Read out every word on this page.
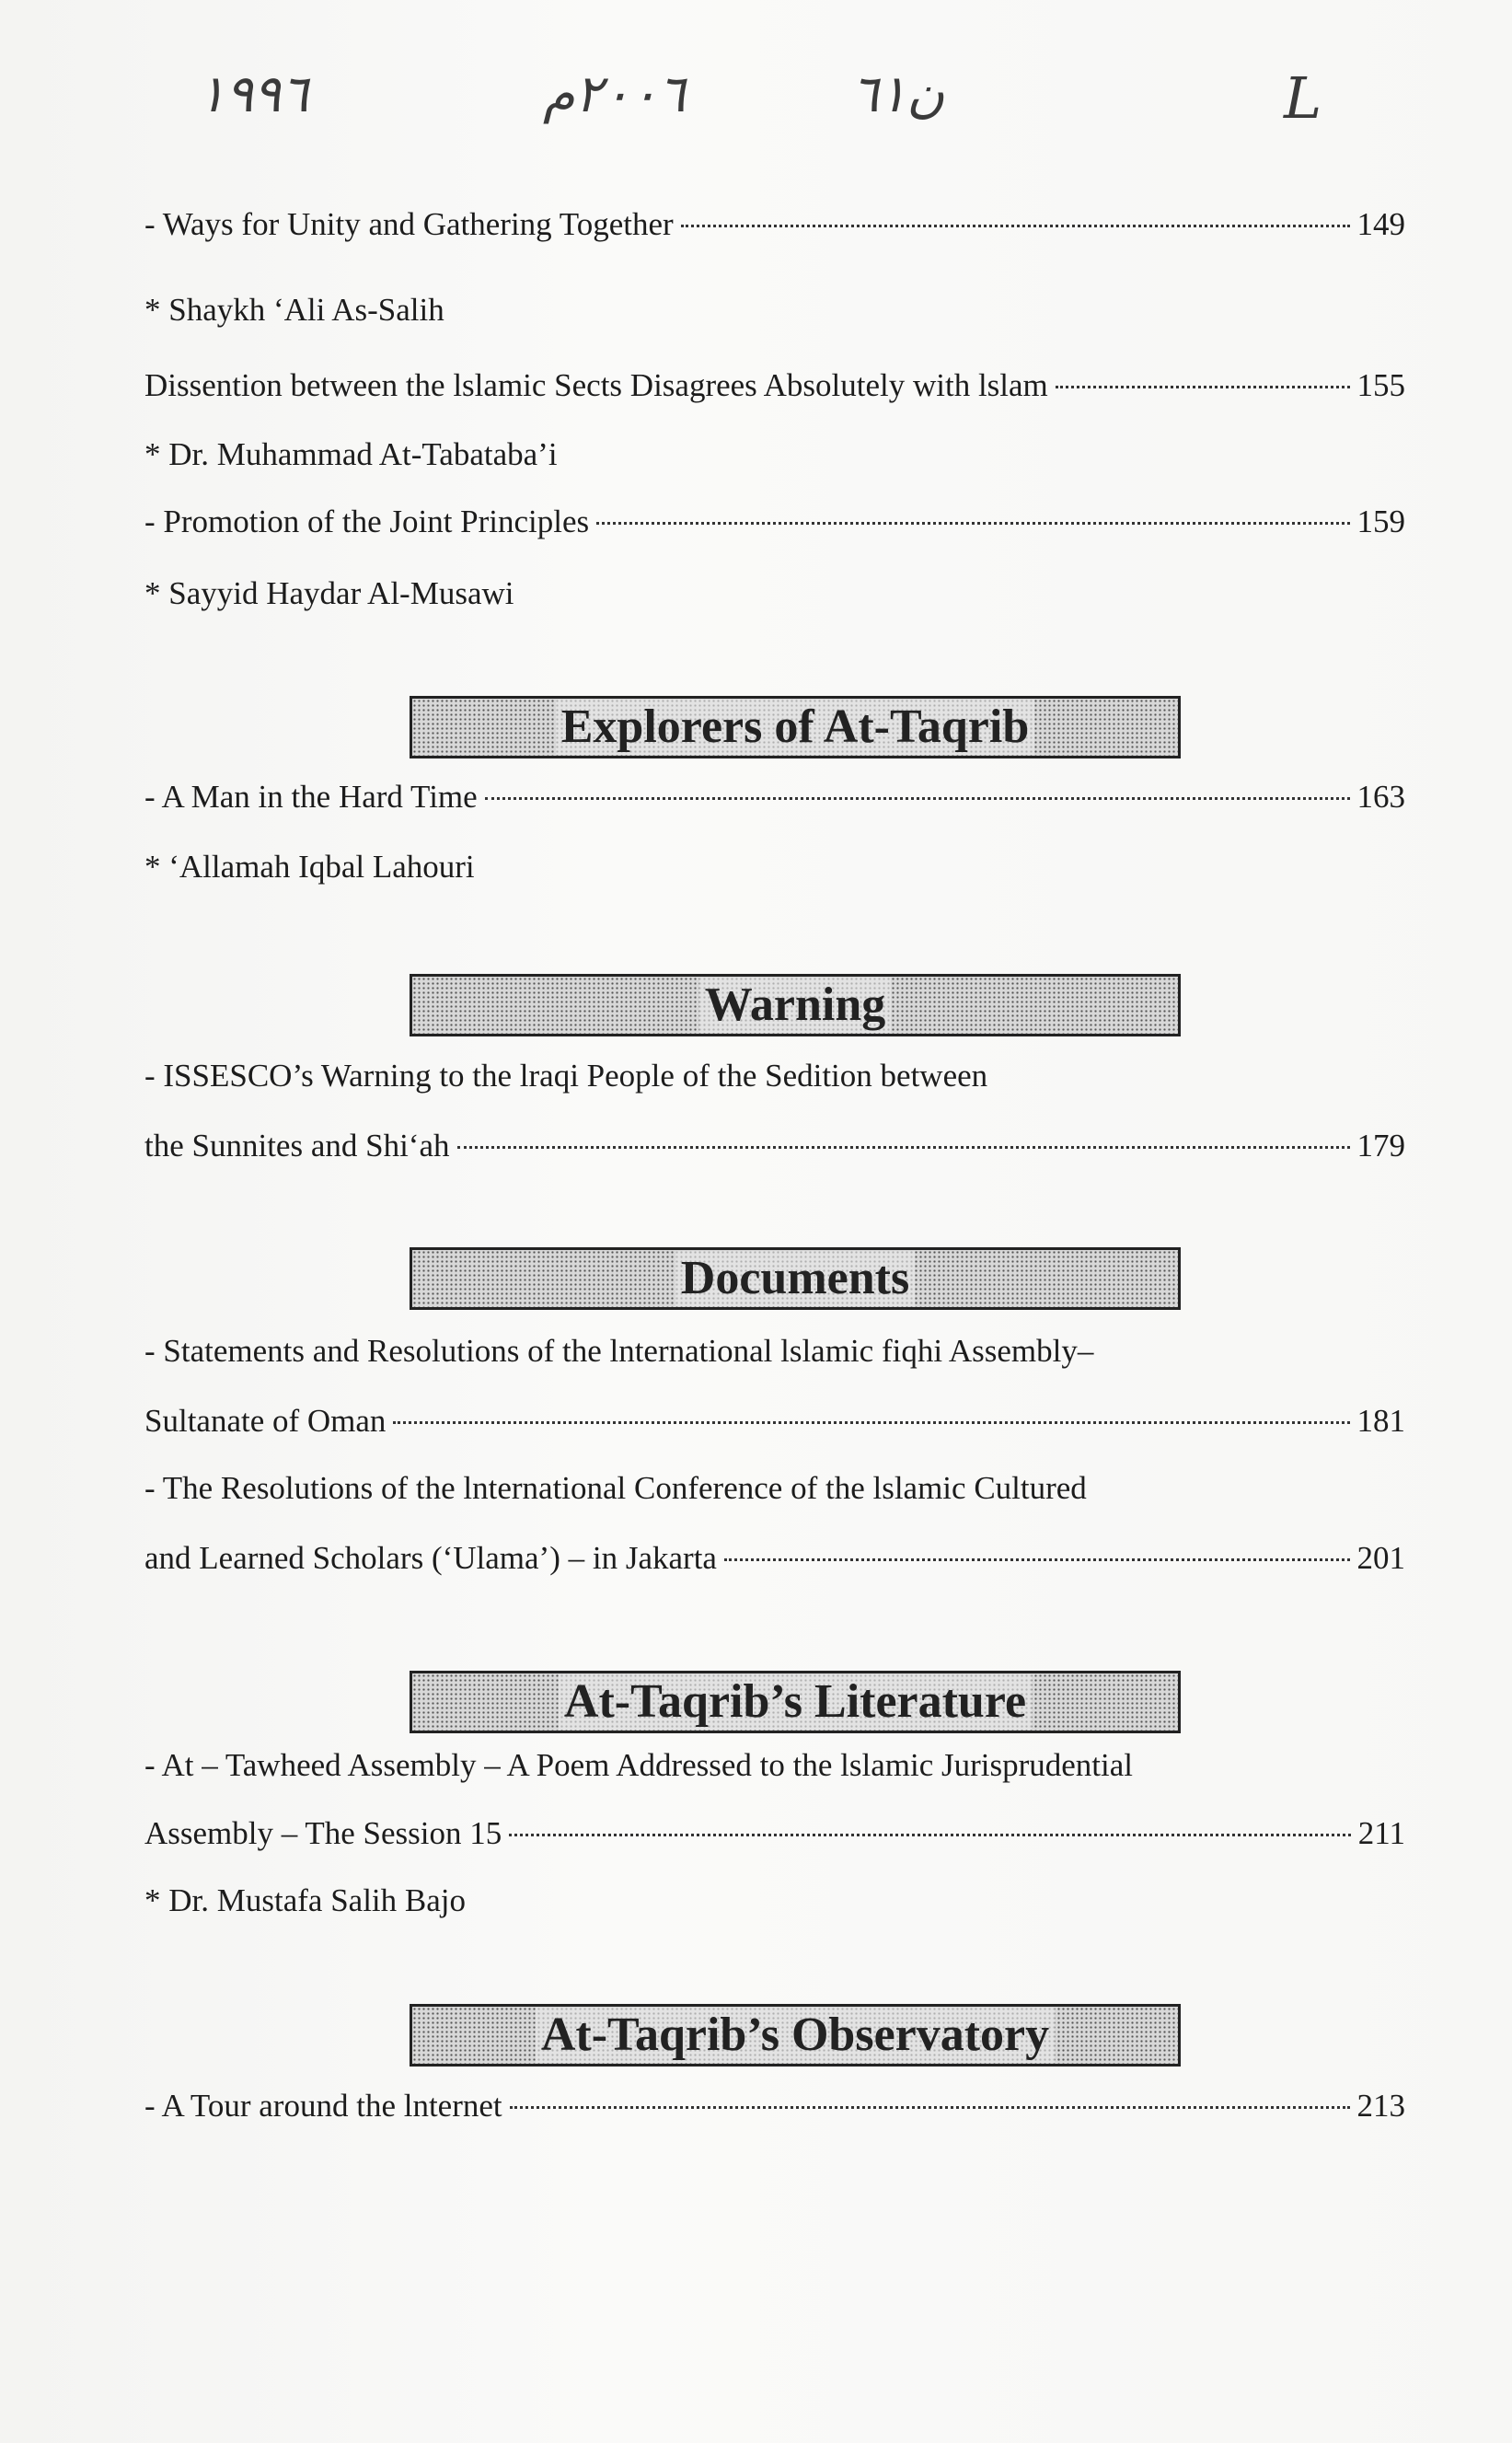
١٩٩٦	٢٠٠٦م	ن٦١	L
- Ways for Unity and Gathering Together	149
* Shaykh ‘Ali As-Salih
Dissention between the lslamic Sects Disagrees Absolutely with lslam	155
* Dr. Muhammad At-Tabataba’i
- Promotion of the Joint Principles	159
* Sayyid Haydar Al-Musawi
Explorers of At-Taqrib
- A Man in the Hard Time	163
* ‘Allamah Iqbal Lahouri
Warning
- ISSESCO’s Warning to the lraqi People of the Sedition between
the Sunnites and Shi‘ah	179
Documents
- Statements and Resolutions of the lnternational lslamic fiqhi Assembly–
Sultanate of Oman	181
- The Resolutions of the lnternational Conference of the lslamic Cultured
and Learned Scholars (‘Ulama’) – in Jakarta	201
At-Taqrib’s Literature
- At – Tawheed Assembly – A Poem Addressed to the lslamic Jurisprudential
Assembly – The Session 15	211
* Dr. Mustafa Salih Bajo
At-Taqrib’s Observatory
- A Tour around the lnternet	213
